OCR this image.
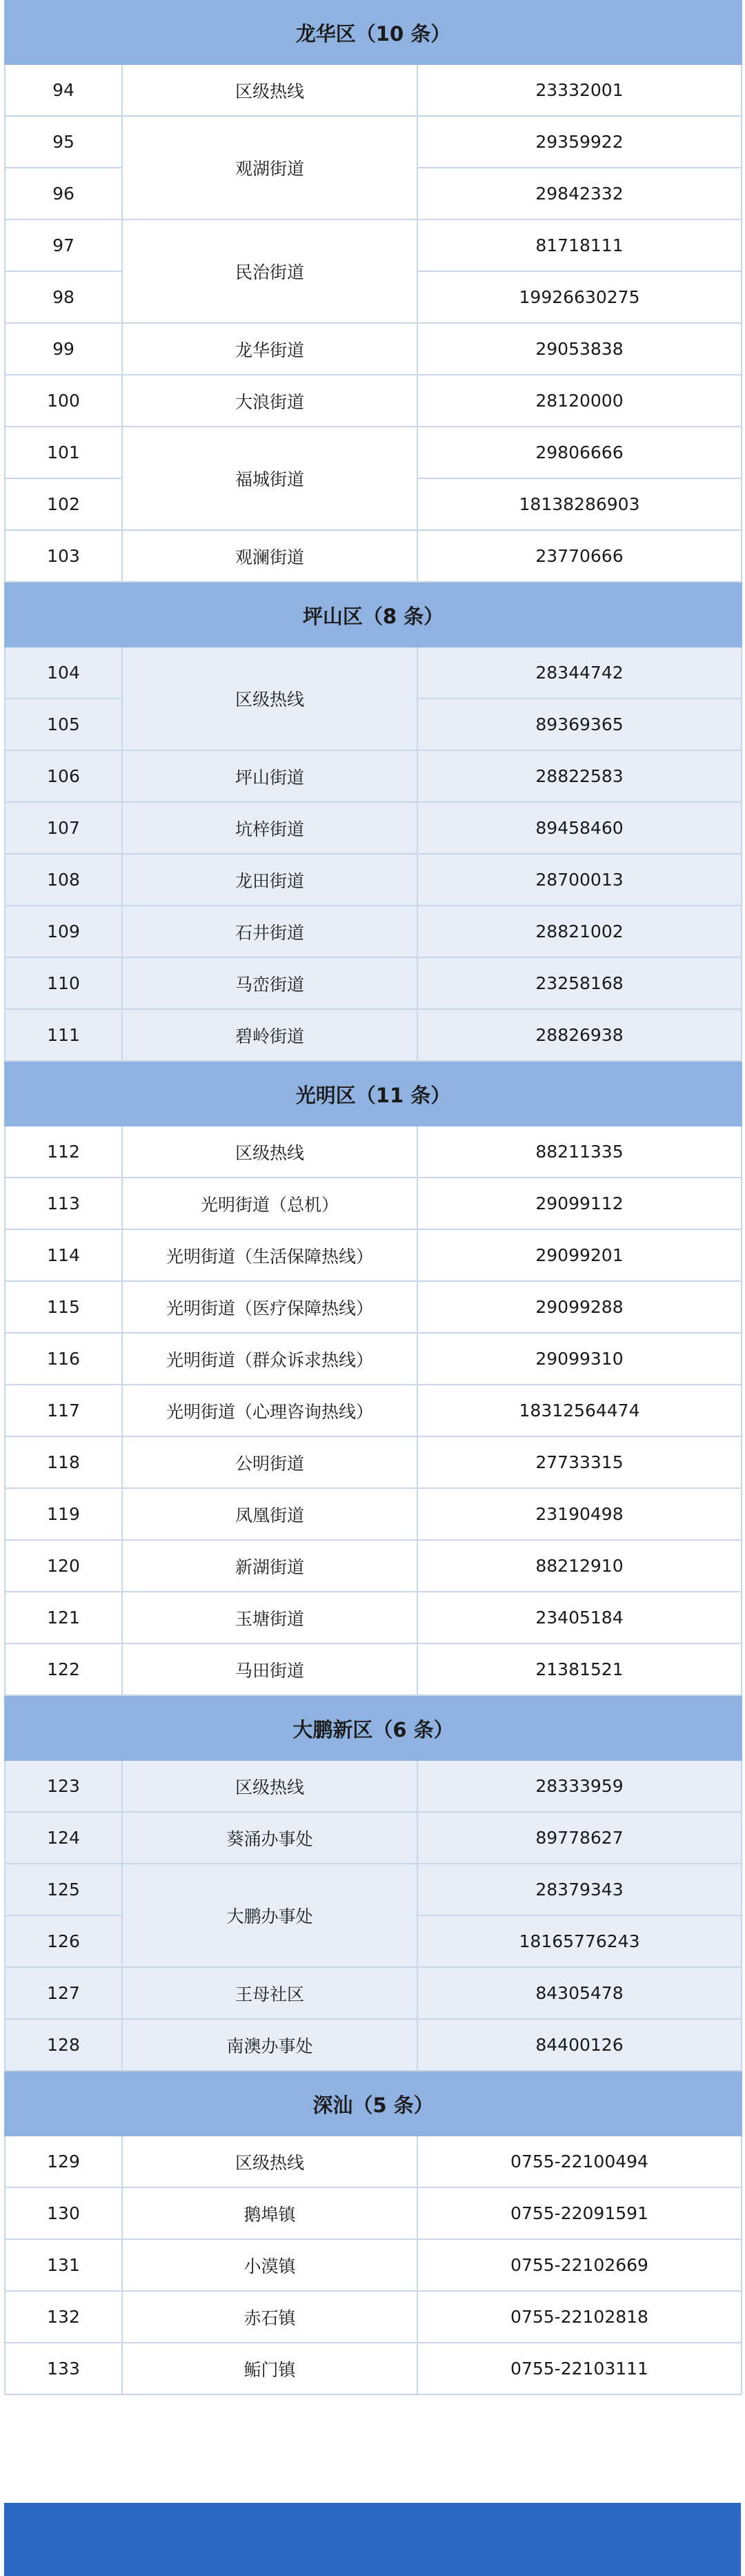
龙华区（10 条）		
94	区级热线	23332001
95	观湖街道	29359922
96		29842332
97	民治街道	81718111
98		19926630275
99	龙华街道	29053838
100	大浪街道	28120000
101	福城街道	29806666
102		18138286903
103	观澜街道	23770666
坪山区（8 条）		
104	区级热线	28344742
105		89369365
106	坪山街道	28822583
107	坑梓街道	89458460
108	龙田街道	28700013
109	石井街道	28821002
110	马峦街道	23258168
111	碧岭街道	28826938
光明区（11 条）		
112	区级热线	88211335
113	光明街道（总机）	29099112
114	光明街道（生活保障热线）	29099201
115	光明街道（医疗保障热线）	29099288
116	光明街道（群众诉求热线）	29099310
117	光明街道（心理咨询热线）	18312564474
118	公明街道	27733315
119	凤凰街道	23190498
120	新湖街道	88212910
121	玉塘街道	23405184
122	马田街道	21381521
大鹏新区（6 条）		
123	区级热线	28333959
124	葵涌办事处	89778627
125	大鹏办事处	28379343
126		18165776243
127	王母社区	84305478
128	南澳办事处	84400126
深汕（5 条）		
129	区级热线	0755-22100494
130	鹅埠镇	0755-22091591
131	小漠镇	0755-22102669
132	赤石镇	0755-22102818
133	鲘门镇	0755-22103111
